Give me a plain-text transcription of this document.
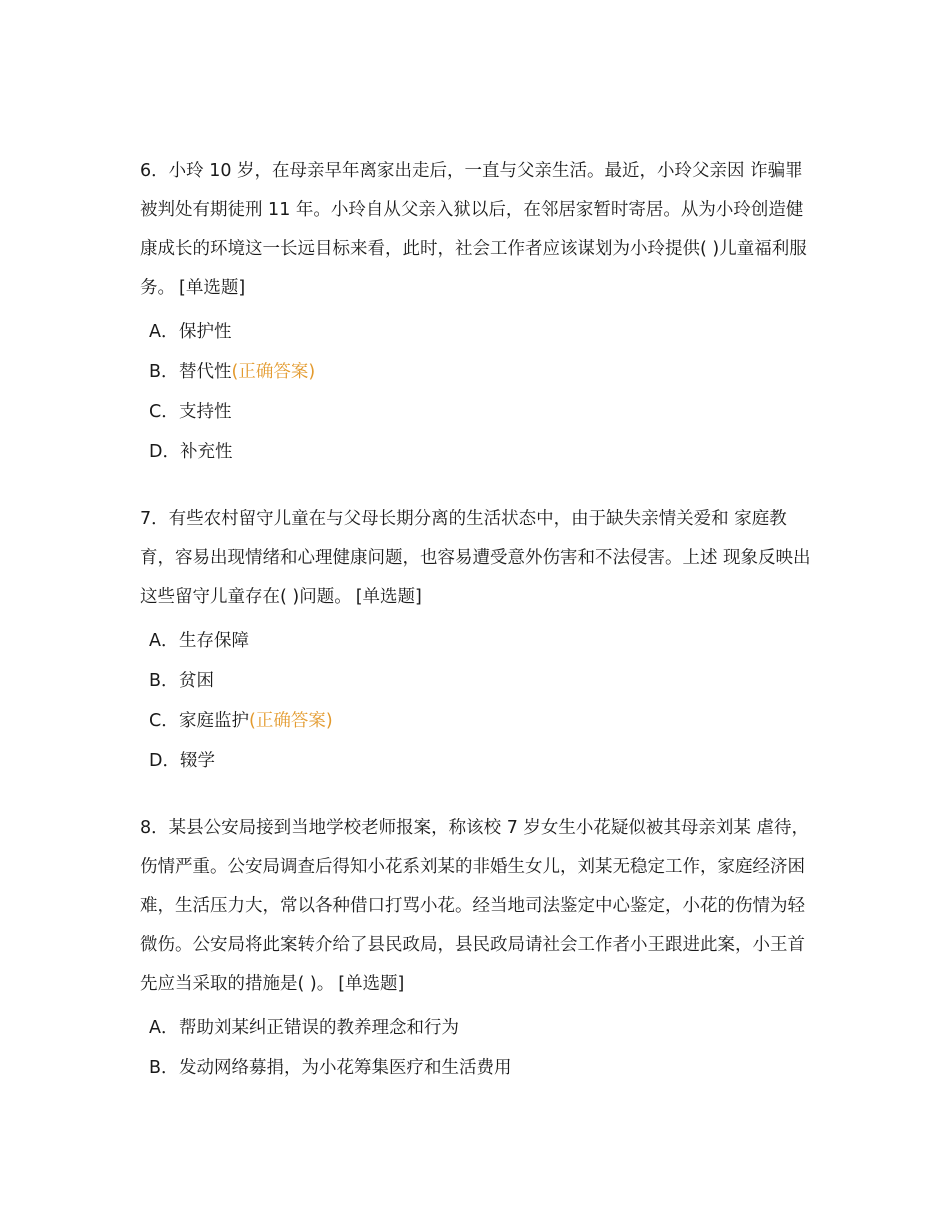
6．小玲 10 岁，在母亲早年离家出走后，一直与父亲生活。最近，小玲父亲因 诈骗罪被判处有期徒刑 11 年。小玲自从父亲入狱以后，在邻居家暂时寄居。从为小玲创造健康成长的环境这一长远目标来看，此时，社会工作者应该谋划为小玲提供( )儿童福利服务。 [单选题]

A．保护性

B．替代性(正确答案)

C．支持性

D．补充性

7．有些农村留守儿童在与父母长期分离的生活状态中，由于缺失亲情关爱和 家庭教育，容易出现情绪和心理健康问题，也容易遭受意外伤害和不法侵害。上述 现象反映出这些留守儿童存在( )问题。 [单选题]

A．生存保障

B．贫困

C．家庭监护(正确答案)

D．辍学

8．某县公安局接到当地学校老师报案，称该校 7 岁女生小花疑似被其母亲刘某 虐待，伤情严重。公安局调查后得知小花系刘某的非婚生女儿，刘某无稳定工作，家庭经济困难，生活压力大，常以各种借口打骂小花。经当地司法鉴定中心鉴定，小花的伤情为轻微伤。公安局将此案转介给了县民政局，县民政局请社会工作者小王跟进此案，小王首先应当采取的措施是( )。 [单选题]

A．帮助刘某纠正错误的教养理念和行为

B．发动网络募捐，为小花筹集医疗和生活费用
